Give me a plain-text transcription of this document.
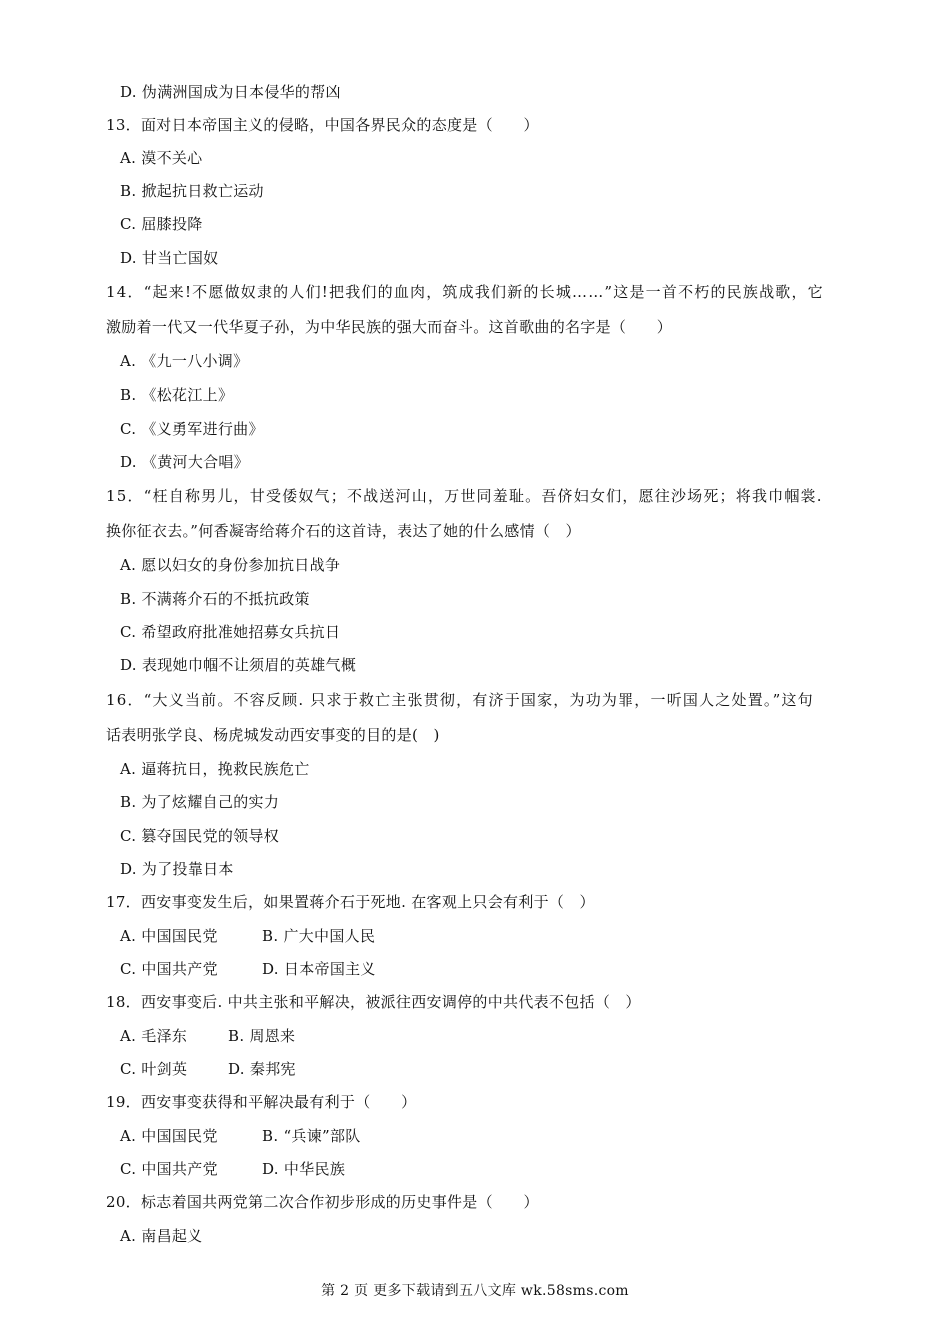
D. 伪满洲国成为日本侵华的帮凶
13．面对日本帝国主义的侵略，中国各界民众的态度是（　　）
A. 漠不关心
B. 掀起抗日救亡运动
C. 屈膝投降
D. 甘当亡国奴
14．“起来!不愿做奴隶的人们!把我们的血肉，筑成我们新的长城……”这是一首不朽的民族战歌，它
激励着一代又一代华夏子孙，为中华民族的强大而奋斗。这首歌曲的名字是（　　）
A. 《九一八小调》
B. 《松花江上》
C. 《义勇军进行曲》
D. 《黄河大合唱》
15．“枉自称男儿，甘受倭奴气；不战送河山，万世同羞耻。吾侪妇女们，愿往沙场死；将我巾帼裳.
换你征衣去。”何香凝寄给蒋介石的这首诗，表达了她的什么感情（　）
A. 愿以妇女的身份参加抗日战争
B. 不满蒋介石的不抵抗政策
C. 希望政府批准她招募女兵抗日
D. 表现她巾帼不让须眉的英雄气概
16．“大义当前。不容反顾. 只求于救亡主张贯彻，有济于国家，为功为罪，一听国人之处置。”这句
话表明张学良、杨虎城发动西安事变的目的是(　)
A. 逼蒋抗日，挽救民族危亡
B. 为了炫耀自己的实力
C. 篡夺国民党的领导权
D. 为了投靠日本
17．西安事变发生后，如果置蒋介石于死地. 在客观上只会有利于（　）
A. 中国国民党	B. 广大中国人民
C. 中国共产党	D. 日本帝国主义
18．西安事变后. 中共主张和平解决，被派往西安调停的中共代表不包括（　）
A. 毛泽东	B. 周恩来
C. 叶剑英	D. 秦邦宪
19．西安事变获得和平解决最有利于（　　）
A. 中国国民党	B. “兵谏”部队
C. 中国共产党	D. 中华民族
20．标志着国共两党第二次合作初步形成的历史事件是（　　）
A. 南昌起义
第 2 页 更多下载请到五八文库 wk.58sms.com
